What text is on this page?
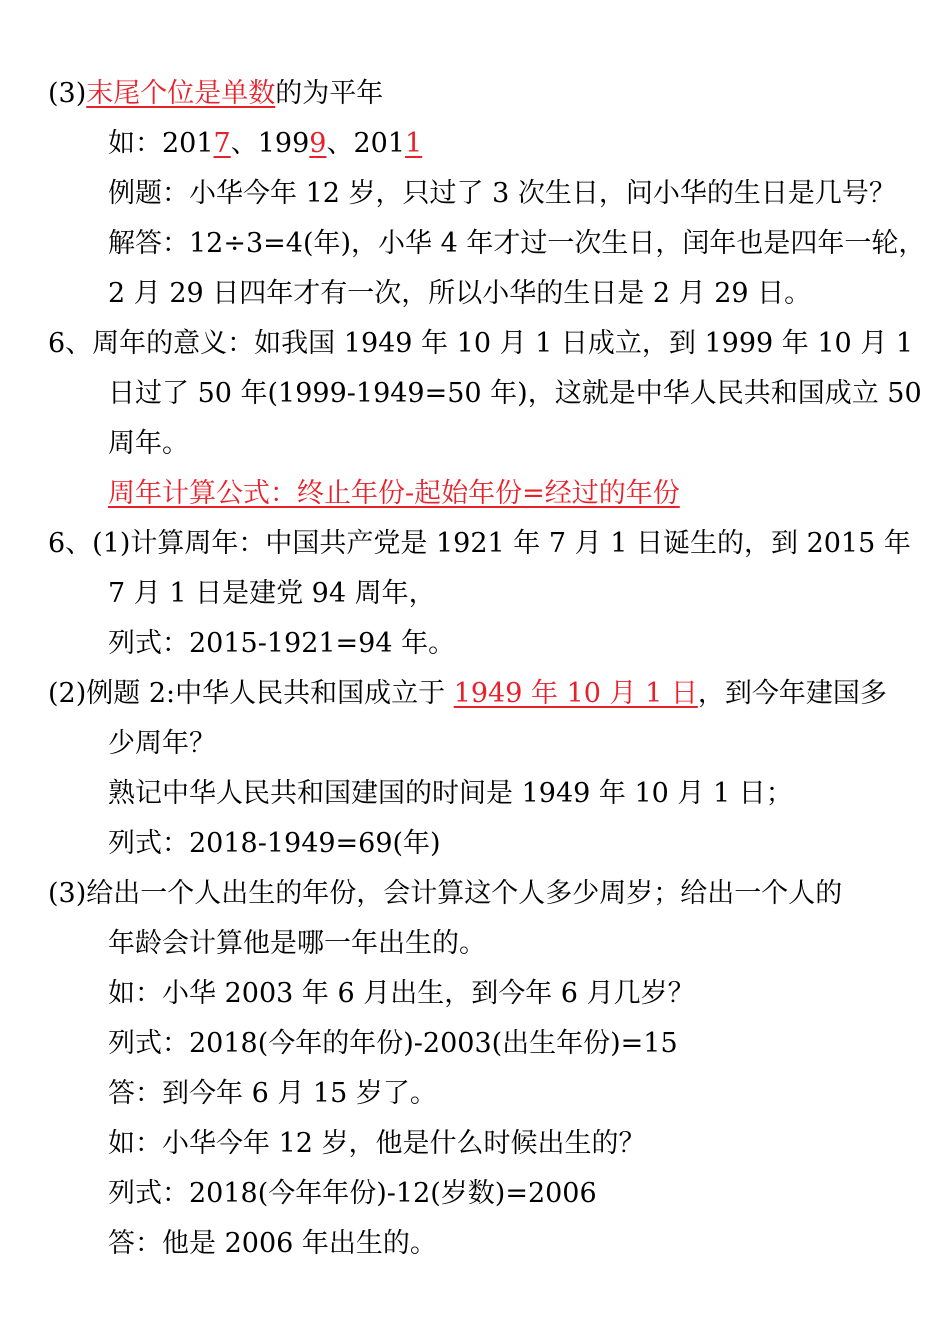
(3)末尾个位是单数的为平年
如：2017、1999、2011
例题：小华今年 12 岁，只过了 3 次生日，问小华的生日是几号？
解答：12÷3=4(年)，小华 4 年才过一次生日，闰年也是四年一轮，
2 月 29 日四年才有一次，所以小华的生日是 2 月 29 日。
6、周年的意义：如我国 1949 年 10 月 1 日成立，到 1999 年 10 月 1
日过了 50 年(1999-1949=50 年)，这就是中华人民共和国成立 50
周年。
周年计算公式：终止年份-起始年份=经过的年份
6、(1)计算周年：中国共产党是 1921 年 7 月 1 日诞生的，到 2015 年
7 月 1 日是建党 94 周年，
列式：2015-1921=94 年。
(2)例题 2:中华人民共和国成立于 1949 年 10 月 1 日，到今年建国多
少周年？
熟记中华人民共和国建国的时间是 1949 年 10 月 1 日；
列式：2018-1949=69(年)
(3)给出一个人出生的年份，会计算这个人多少周岁；给出一个人的
年龄会计算他是哪一年出生的。
如：小华 2003 年 6 月出生，到今年 6 月几岁？
列式：2018(今年的年份)-2003(出生年份)=15
答：到今年 6 月 15 岁了。
如：小华今年 12 岁，他是什么时候出生的？
列式：2018(今年年份)-12(岁数)=2006
答：他是 2006 年出生的。
